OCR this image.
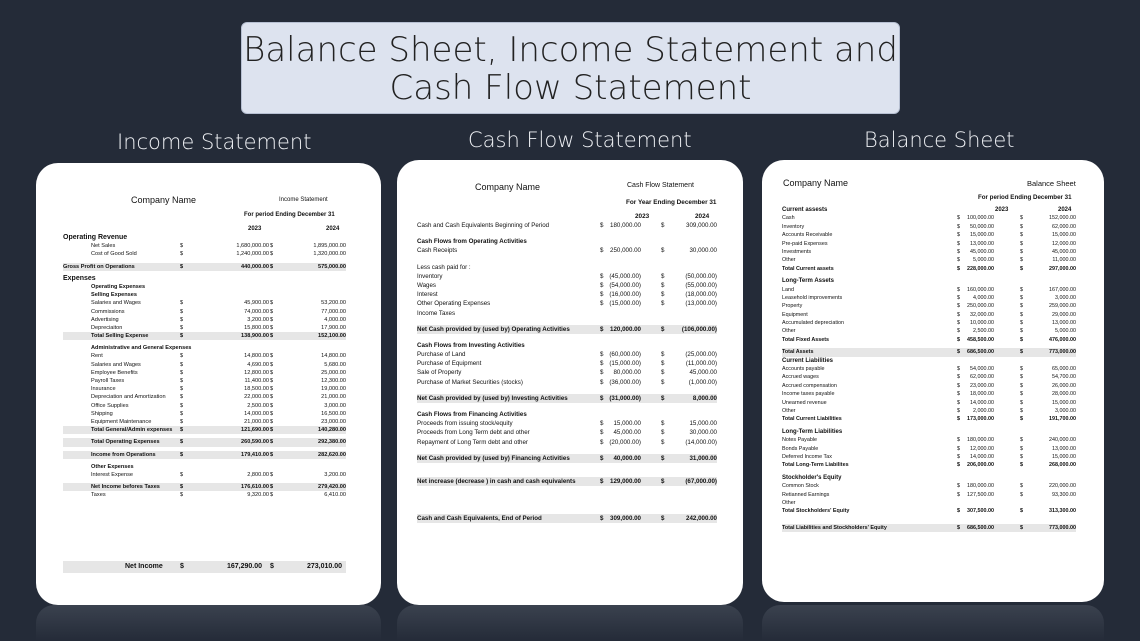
Balance Sheet, Income Statement and
Cash Flow Statement
Income Statement	Cash Flow Statement	Balance Sheet
Company Name	Income Statement
For period Ending December 31
2023	2024
Operating Revenue
Net Sales	$	1,680,000.00 $	1,895,000.00
Cost of Good Sold	$	1,240,000.00 $	1,320,000.00
Gross Profit on Operations	$	440,000.00 $	575,000.00
Expenses
Operating Expenses
Selling Expenses
Salaries and Wages	$	45,900.00 $	53,200.00
Commissions	$	74,000.00 $	77,000.00
Advertising	$	3,200.00 $	4,000.00
Depreciaiton	$	15,800.00 $	17,900.00
Total Selling Expense	$	138,900.00 $	152,100.00
Administrative and General Expenses
Rent	$	14,800.00 $	14,800.00
Salaries and Wages	$	4,690.00 $	5,680.00
Employee Benefits	$	12,800.00 $	25,000.00
Payroll Taxes	$	11,400.00 $	12,300.00
Insurance	$	18,500.00 $	19,000.00
Depreciation and Amortization	$	22,000.00 $	21,000.00
Office Supplies	$	2,500.00 $	3,000.00
Shipping	$	14,000.00 $	16,500.00
Equipment Maintenance	$	21,000.00 $	23,000.00
Total General/Admin expenses $	121,690.00 $	140,280.00
Total Operating Expenses	$	260,590.00 $	292,380.00
Income from Operations	$	179,410.00 $	282,620.00
Other Expenses
Interest Expense	$	2,800.00 $	3,200.00
Net Income befores Taxes	$	176,610.00 $	279,420.00
Taxes	$	9,320.00 $	6,410.00
Net Income $	167,290.00 $	273,010.00
Company Name	Cash Flow Statement
For Year Ending December 31
2023	2024
Cash and Cash Equivalents Beginning of Period	$ 180,000.00	$	309,000.00
Cash Flows from Operating Activities
Cash Receipts	$ 250,000.00	$	30,000.00
Less cash paid for :
Inventory	$ (45,000.00)	$	(50,000.00)
Wages	$ (54,000.00)	$	(55,000.00)
Interest	$ (16,000.00)	$	(18,000.00)
Other Operating Expenses	$ (15,000.00)	$	(13,000.00)
Income Taxes
Net Cash provided by (used by) Operating Activities	$ 120,000.00	$	(106,000.00)
Cash Flows from Investing Activities
Purchase of Land	$ (60,000.00)	$	(25,000.00)
Purchase of Equipment	$ (15,000.00)	$	(11,000.00)
Sale of Property	$ 80,000.00	$	45,000.00
Purchase of Market Securities (stocks)	$ (36,000.00)	$	(1,000.00)
Net Cash provided by (used by) Investing Activities	$ (31,000.00)	$	8,000.00
Cash Flows from Financing Activities
Proceeds from issuing stock/equity	$ 15,000.00	$	15,000.00
Proceeds from Long Term debt and other	$ 45,000.00	$	30,000.00
Repayment of Long Term debt and other	$ (20,000.00)	$	(14,000.00)
Net Cash provided by (used by) Financing Activities	$ 40,000.00	$	31,000.00
Net increase (decrease ) in cash and cash equivalents	$ 129,000.00	$	(67,000.00)
Cash and Cash Equivalents, End of Period	$ 309,000.00	$	242,000.00
Company Name	Balance Sheet
For period Ending December 31
2023	2024
Current assests
Cash	$ 100,000.00	$	152,000.00
Inventory	$ 50,000.00	$	62,000.00
Accounts Receivable	$ 15,000.00	$	15,000.00
Pre-paid Expenses	$ 13,000.00	$	12,000.00
Investments	$ 45,000.00	$	45,000.00
Other	$ 5,000.00	$	11,000.00
Total Current assets	$ 228,000.00	$	297,000.00
Long-Term Assets
Land	$ 160,000.00	$	167,000.00
Leasehold improvements	$ 4,000.00	$	3,000.00
Property	$ 250,000.00	$	259,000.00
Equipment	$ 32,000.00	$	29,000.00
Accumulated depreciation	$ 10,000.00	$	13,000.00
Other	$ 2,500.00	$	5,000.00
Total Fixed Assets	$ 458,500.00	$	476,000.00
Total Assets	$ 686,500.00	$	773,000.00
Current Liabilities
Accounts payable	$ 54,000.00	$	65,000.00
Accrued wages	$ 62,000.00	$	54,700.00
Accrued compensation	$ 23,000.00	$	26,000.00
Income taxes payable	$ 18,000.00	$	28,000.00
Unearned revenue	$ 14,000.00	$	15,000.00
Other	$ 2,000.00	$	3,000.00
Total Current Liabilities	$ 173,000.00	$	191,700.00
Long-Term Liabilities
Notes Payable	$ 180,000.00	$	240,000.00
Bonds Payable	$ 12,000.00	$	13,000.00
Deferred Income Tax	$ 14,000.00	$	15,000.00
Total Long-Term Liabilites	$ 206,000.00	$	268,000.00
Stockholder's Equity
Common Stock	$ 180,000.00	$	220,000.00
Retianned Earnings	$ 127,500.00	$	93,300.00
Other
Total Stockholders' Equity	$ 307,500.00	$	313,300.00
Total Liabilities and Stockholders' Equity	$ 686,500.00	$	773,000.00
